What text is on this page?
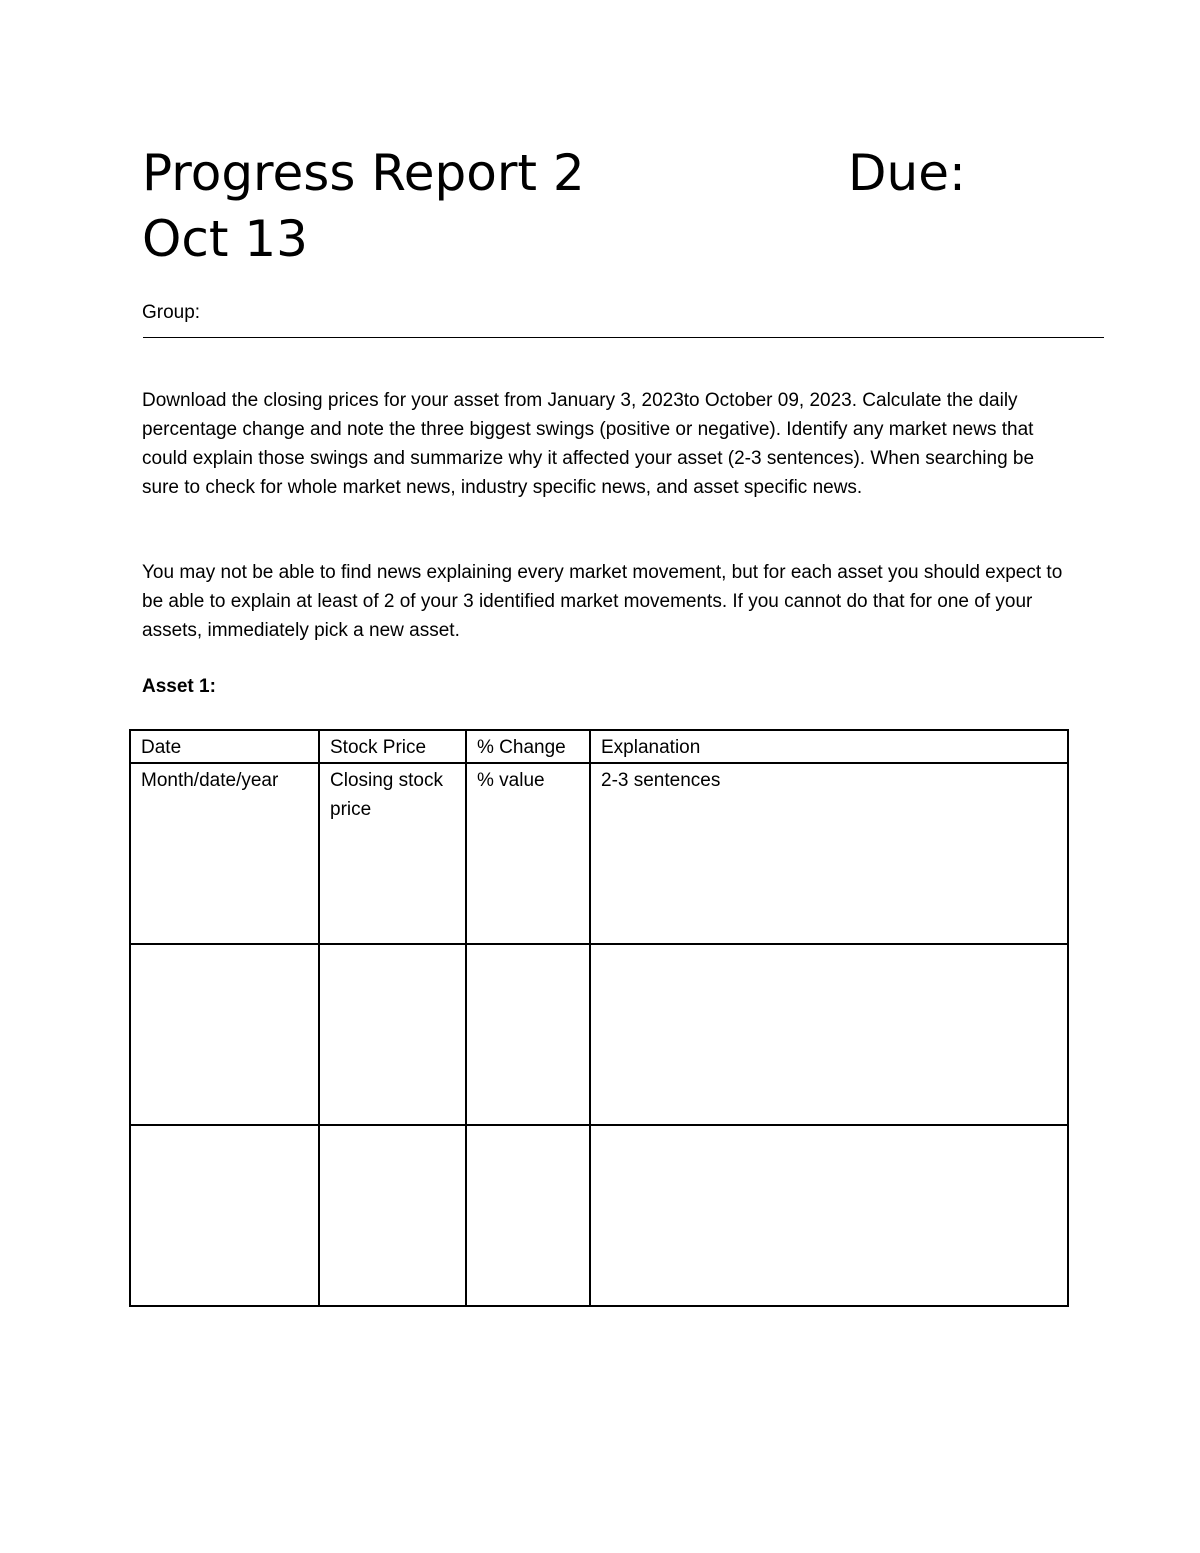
Progress Report 2	Due:
Oct 13
Group:

Download the closing prices for your asset from January 3, 2023to October 09, 2023. Calculate the daily percentage change and note the three biggest swings (positive or negative). Identify any market news that could explain those swings and summarize why it affected your asset (2-3 sentences). When searching be sure to check for whole market news, industry specific news, and asset specific news.

You may not be able to find news explaining every market movement, but for each asset you should expect to be able to explain at least of 2 of your 3 identified market movements. If you cannot do that for one of your assets, immediately pick a new asset.

Asset 1:
Date	Stock Price	% Change	Explanation
Month/date/year	Closing stock price	% value	2-3 sentences
